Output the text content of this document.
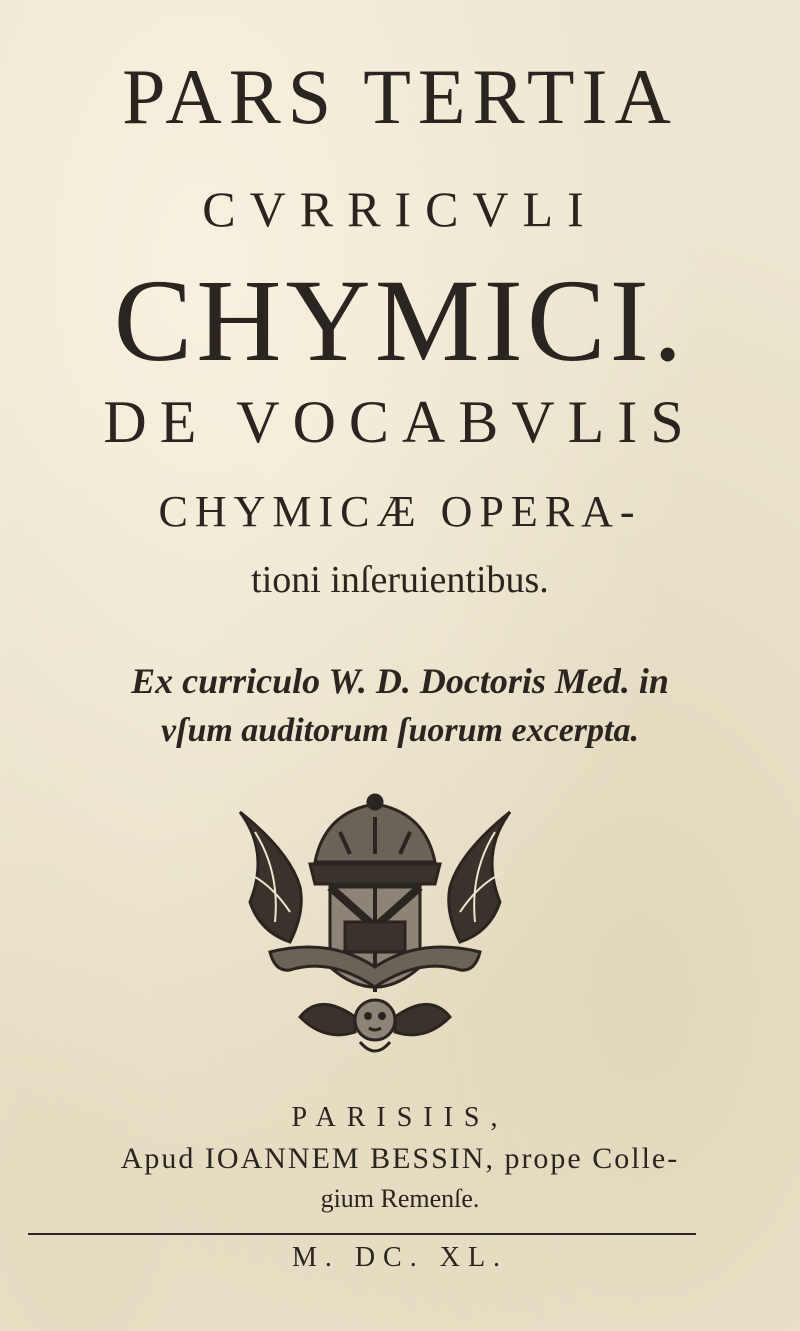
PARS TERTIA
CVRRICVLI
CHYMICI.
DE VOCABVLIS
CHYMICÆ OPERA-
tioni inſeruientibus.
Ex curriculo W. D. Doctoris Med. in
vſum auditorum ſuorum excerpta.
PARISIIS,
Apud IOANNEM BESSIN, prope Colle-
gium Remenſe.
M. DC. XL.
